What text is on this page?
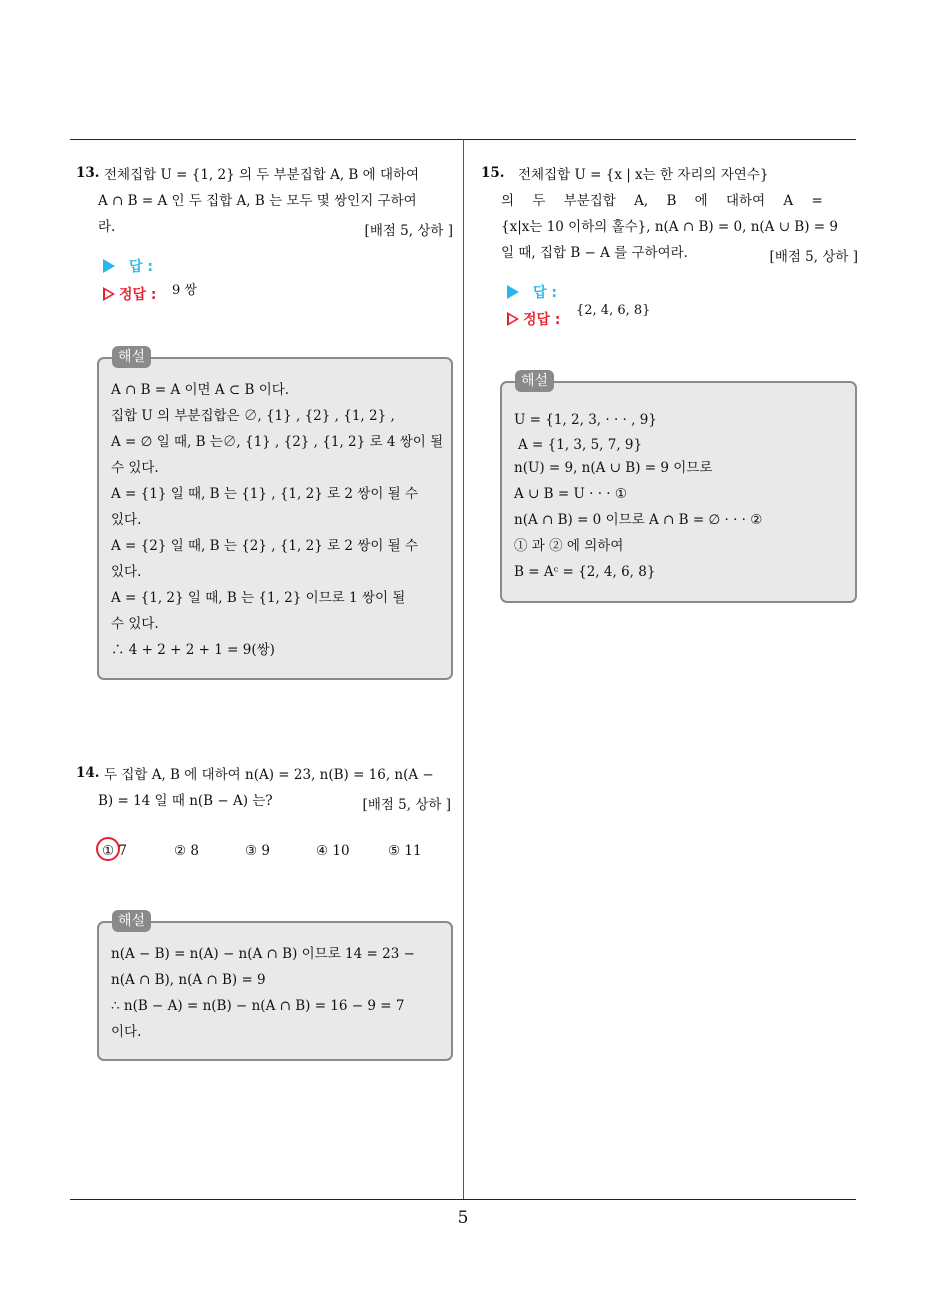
5
13. 전체집합 U = {1, 2} 의 두 부분집합 A, B 에 대하여
A ∩ B = A 인 두 집합 A, B 는 모두 몇 쌍인지 구하여
라.	[배점 5, 상하 ]
답 :
정답 : 9 쌍
해설
A ∩ B = A 이면 A ⊂ B 이다.
집합 U 의 부분집합은 ∅, {1} , {2} , {1, 2} ,
A = ∅ 일 때, B 는∅, {1} , {2} , {1, 2} 로 4 쌍이 될
수 있다.
A = {1} 일 때, B 는 {1} , {1, 2} 로 2 쌍이 될 수
있다.
A = {2} 일 때, B 는 {2} , {1, 2} 로 2 쌍이 될 수
있다.
A = {1, 2} 일 때, B 는 {1, 2} 이므로 1 쌍이 될
수 있다.
∴ 4 + 2 + 2 + 1 = 9(쌍)
14. 두 집합 A, B 에 대하여 n(A) = 23, n(B) = 16, n(A −
B) = 14 일 때 n(B − A) 는?	[배점 5, 상하 ]
① 7	② 8	③ 9	④ 10	⑤ 11
해설
n(A − B) = n(A) − n(A ∩ B) 이므로 14 = 23 −
n(A ∩ B), n(A ∩ B) = 9
∴ n(B − A) = n(B) − n(A ∩ B) = 16 − 9 = 7
이다.
15. 전체집합 U = {x | x는 한 자리의 자연수}
의 두 부분집합 A, B 에 대하여 A =
{x|x는 10 이하의 홀수}, n(A ∩ B) = 0, n(A ∪ B) = 9
일 때, 집합 B − A 를 구하여라.	[배점 5, 상하 ]
답 :
정답 :
{2, 4, 6, 8}
해설
U = {1, 2, 3, · · · , 9}
A = {1, 3, 5, 7, 9}
n(U) = 9, n(A ∪ B) = 9 이므로
A ∪ B = U · · · ①
n(A ∩ B) = 0 이므로 A ∩ B = ∅ · · · ②
① 과 ② 에 의하여
B = Aᶜ = {2, 4, 6, 8}
